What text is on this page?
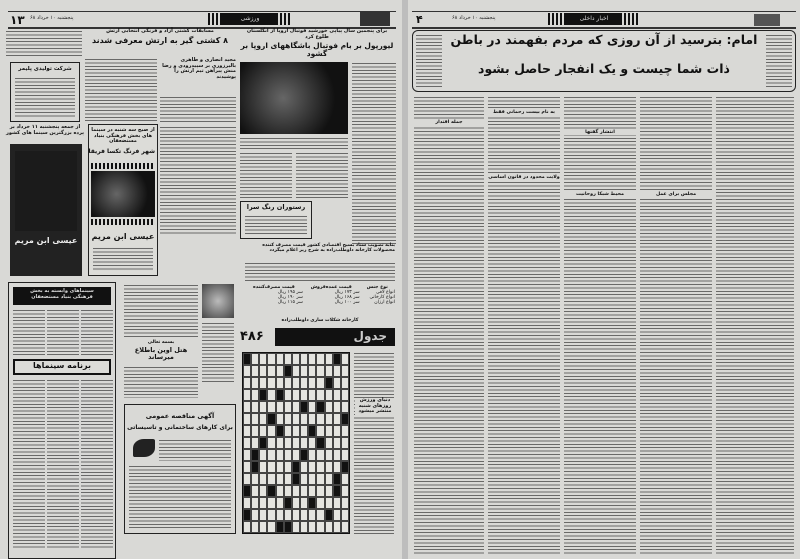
۱۳ پنجشنبه ۱۰ خرداد ۶۸	ورزشی
برای پنجمین سال پیاپی خورشید فوتبال اروپا از انگلستان طلوع کرد
لیورپول بر بام فوتبال باشگاههای اروپا بر گشود
رستوران رنگ سرا
مسابقات کشتی آزاد و فرنگی انتخابی ارتش
۸ کشتی گیر به ارتش معرفی شدند
مجید انصاری و طاهری بالیرزوری بر سپیدرودی و رضا منش پیراهن تیم ارتش را پوشیدند
شرکت تولیدی پلیمر
از جمعه پنجشنبه ۱۱ خرداد بر پرده بزرگترین سینما های کشور
عیسی ابن مریم
از صبح سه شنبه در سینما های بخش فرهنگی بنیاد مستضعفان
شهر فرنگ تکسا فریقا
عیسی ابن مریم
بنابه تصویب ستاد بسیج اقتصادی کشور قیمت مصرف کننده محصولات کارخانه داوطلب‌زاده به شرح زیر اعلام میگردد
نوع جنس	قیمت عمده‌فروش	قیمت مصرف‌کننده
انواع لافی	سر ۱۷۳ ریال	سر ۱۹۵ ریال
انواع کارخانی	سر ۱۶۸ ریال	سر ۱۹۰ ریال
انواع ارزان	سر ۱۰۰ ریال	سر ۱۱۵ ریال
کارخانه شکلات سازی داوطلب‌زاده
۴۸۶	جدول
دنیای ورزش روزهای شنبه منتشر میشود
سینماهای وابسته به بخش فرهنگی بنیاد مستضعفان
برنامه سینماها
بسمه تعالی
هتل اوین باطلاع میرساند
آگهی مناقصه عمومی
برای کارهای ساختمانی و تاسیساتی
۴	پنجشنبه ۱۰ خرداد ۶۸	اخبار داخلی
امام: بترسید از آن روزی که مردم بفهمند در باطن
ذات شما چیست و یک انفجار حاصل بشود
به نام بیست رحمانی فقط
جمله اقتدار
انتشار گفتها
ولایت محدود در قانون اساسی
محیط شبکا روحانیت	مجلس برای عمل
